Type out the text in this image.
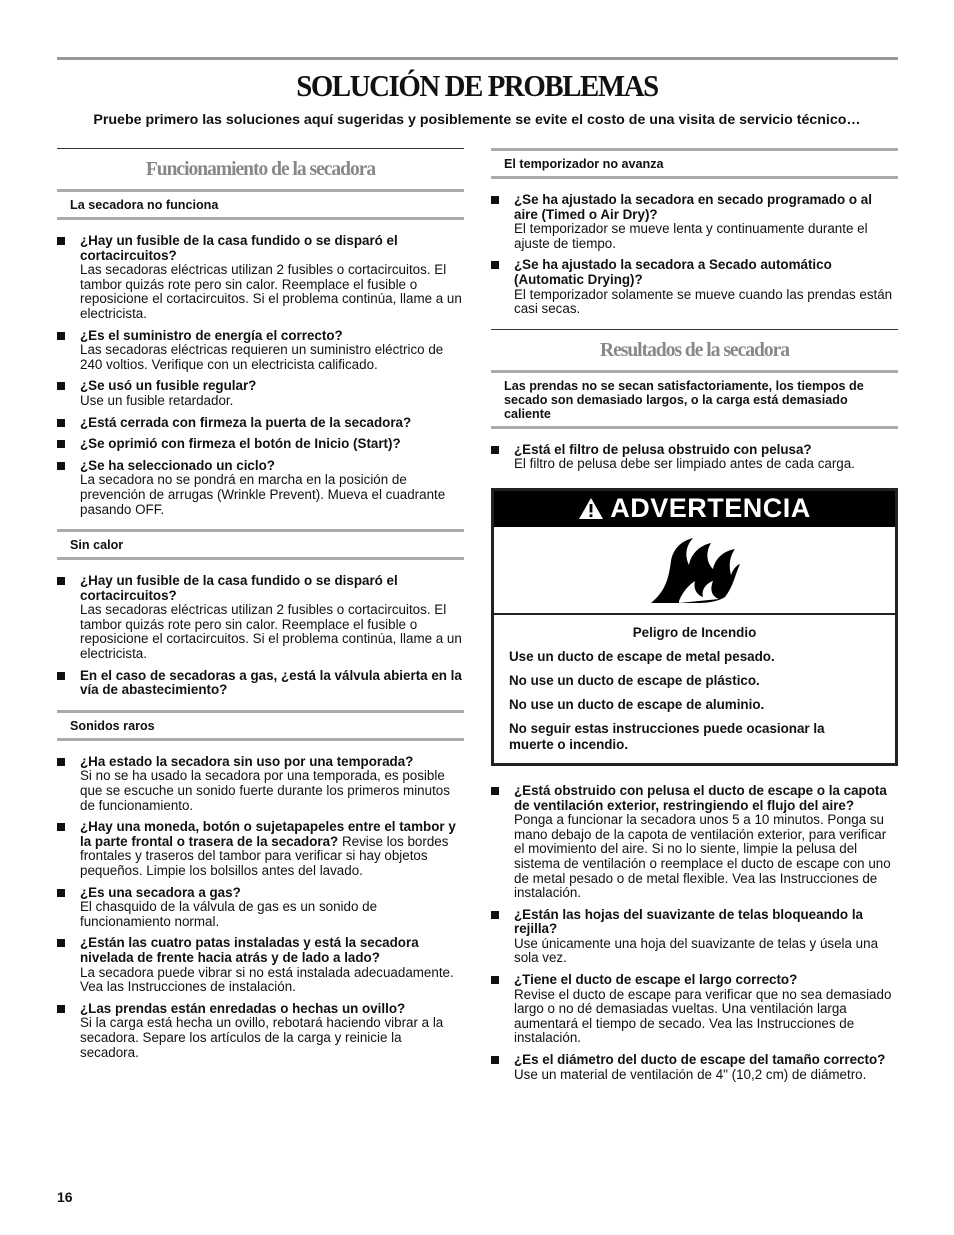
SOLUCIÓN DE PROBLEMAS

Pruebe primero las soluciones aquí sugeridas y posiblemente se evite el costo de una visita de servicio técnico…

Funcionamiento de la secadora
La secadora no funciona
¿Hay un fusible de la casa fundido o se disparó el cortacircuitos?
Las secadoras eléctricas utilizan 2 fusibles o cortacircuitos. El tambor quizás rote pero sin calor. Reemplace el fusible o reposicione el cortacircuitos. Si el problema continúa, llame a un electricista.
¿Es el suministro de energía el correcto?
Las secadoras eléctricas requieren un suministro eléctrico de 240 voltios. Verifique con un electricista calificado.
¿Se usó un fusible regular?
Use un fusible retardador.
¿Está cerrada con firmeza la puerta de la secadora?
¿Se oprimió con firmeza el botón de Inicio (Start)?
¿Se ha seleccionado un ciclo?
La secadora no se pondrá en marcha en la posición de prevención de arrugas (Wrinkle Prevent). Mueva el cuadrante pasando OFF.
Sin calor
¿Hay un fusible de la casa fundido o se disparó el cortacircuitos?
Las secadoras eléctricas utilizan 2 fusibles o cortacircuitos. El tambor quizás rote pero sin calor. Reemplace el fusible o reposicione el cortacircuitos. Si el problema continúa, llame a un electricista.
En el caso de secadoras a gas, ¿está la válvula abierta en la vía de abastecimiento?
Sonidos raros
¿Ha estado la secadora sin uso por una temporada?
Si no se ha usado la secadora por una temporada, es posible que se escuche un sonido fuerte durante los primeros minutos de funcionamiento.
¿Hay una moneda, botón o sujetapapeles entre el tambor y la parte frontal o trasera de la secadora? Revise los bordes frontales y traseros del tambor para verificar si hay objetos pequeños. Limpie los bolsillos antes del lavado.
¿Es una secadora a gas?
El chasquido de la válvula de gas es un sonido de funcionamiento normal.
¿Están las cuatro patas instaladas y está la secadora nivelada de frente hacia atrás y de lado a lado?
La secadora puede vibrar si no está instalada adecuadamente. Vea las Instrucciones de instalación.
¿Las prendas están enredadas o hechas un ovillo?
Si la carga está hecha un ovillo, rebotará haciendo vibrar a la secadora. Separe los artículos de la carga y reinicie la secadora.
El temporizador no avanza
¿Se ha ajustado la secadora en secado programado o al aire (Timed o Air Dry)?
El temporizador se mueve lenta y continuamente durante el ajuste de tiempo.
¿Se ha ajustado la secadora a Secado automático (Automatic Drying)?
El temporizador solamente se mueve cuando las prendas están casi secas.
Resultados de la secadora
Las prendas no se secan satisfactoriamente, los tiempos de secado son demasiado largos, o la carga está demasiado caliente
¿Está el filtro de pelusa obstruido con pelusa?
El filtro de pelusa debe ser limpiado antes de cada carga.
ADVERTENCIA
Peligro de Incendio
Use un ducto de escape de metal pesado.
No use un ducto de escape de plástico.
No use un ducto de escape de aluminio.
No seguir estas instrucciones puede ocasionar la muerte o incendio.
¿Está obstruido con pelusa el ducto de escape o la capota de ventilación exterior, restringiendo el flujo del aire?
Ponga a funcionar la secadora unos 5 a 10 minutos. Ponga su mano debajo de la capota de ventilación exterior, para verificar el movimiento del aire. Si no lo siente, limpie la pelusa del sistema de ventilación o reemplace el ducto de escape con uno de metal pesado o de metal flexible. Vea las Instrucciones de instalación.
¿Están las hojas del suavizante de telas bloqueando la rejilla?
Use únicamente una hoja del suavizante de telas y úsela una sola vez.
¿Tiene el ducto de escape el largo correcto?
Revise el ducto de escape para verificar que no sea demasiado largo o no dé demasiadas vueltas. Una ventilación larga aumentará el tiempo de secado. Vea las Instrucciones de instalación.
¿Es el diámetro del ducto de escape del tamaño correcto?
Use un material de ventilación de 4" (10,2 cm) de diámetro.
16
